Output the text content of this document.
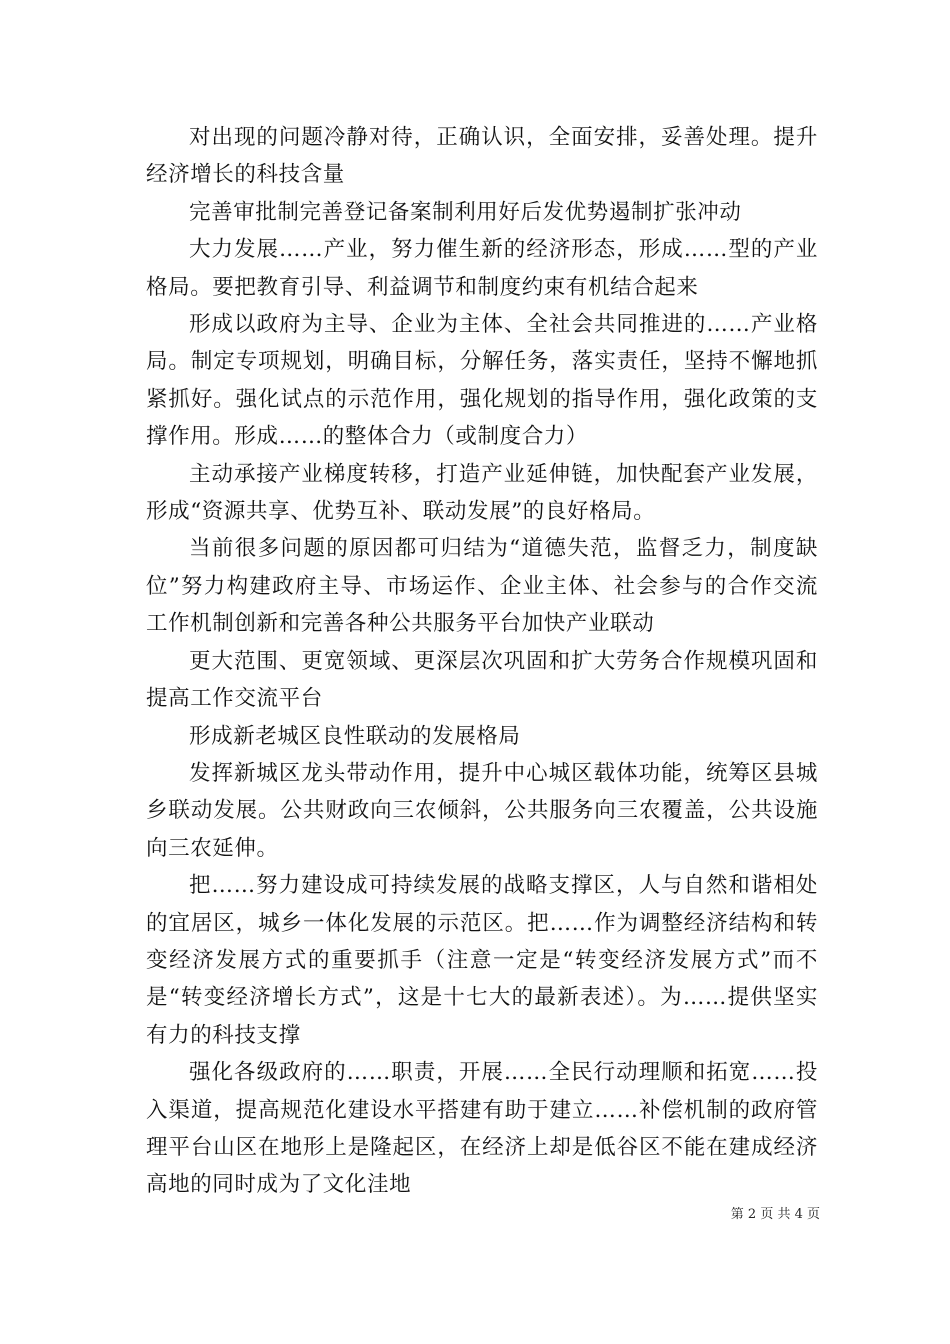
对出现的问题冷静对待，正确认识，全面安排，妥善处理。提升经济增长的科技含量

完善审批制完善登记备案制利用好后发优势遏制扩张冲动

大力发展……产业，努力催生新的经济形态，形成……型的产业格局。要把教育引导、利益调节和制度约束有机结合起来

形成以政府为主导、企业为主体、全社会共同推进的……产业格局。制定专项规划，明确目标，分解任务，落实责任，坚持不懈地抓紧抓好。强化试点的示范作用，强化规划的指导作用，强化政策的支撑作用。形成……的整体合力（或制度合力）

主动承接产业梯度转移，打造产业延伸链，加快配套产业发展，形成“资源共享、优势互补、联动发展”的良好格局。

当前很多问题的原因都可归结为“道德失范，监督乏力，制度缺位”努力构建政府主导、市场运作、企业主体、社会参与的合作交流工作机制创新和完善各种公共服务平台加快产业联动

更大范围、更宽领域、更深层次巩固和扩大劳务合作规模巩固和提高工作交流平台

形成新老城区良性联动的发展格局

发挥新城区龙头带动作用，提升中心城区载体功能，统筹区县城乡联动发展。公共财政向三农倾斜，公共服务向三农覆盖，公共设施向三农延伸。

把……努力建设成可持续发展的战略支撑区，人与自然和谐相处的宜居区，城乡一体化发展的示范区。把……作为调整经济结构和转变经济发展方式的重要抓手（注意一定是“转变经济发展方式”而不是“转变经济增长方式”，这是十七大的最新表述）。为……提供坚实有力的科技支撑

强化各级政府的……职责，开展……全民行动理顺和拓宽……投入渠道，提高规范化建设水平搭建有助于建立……补偿机制的政府管理平台山区在地形上是隆起区，在经济上却是低谷区不能在建成经济高地的同时成为了文化洼地

第 2 页 共 4 页
